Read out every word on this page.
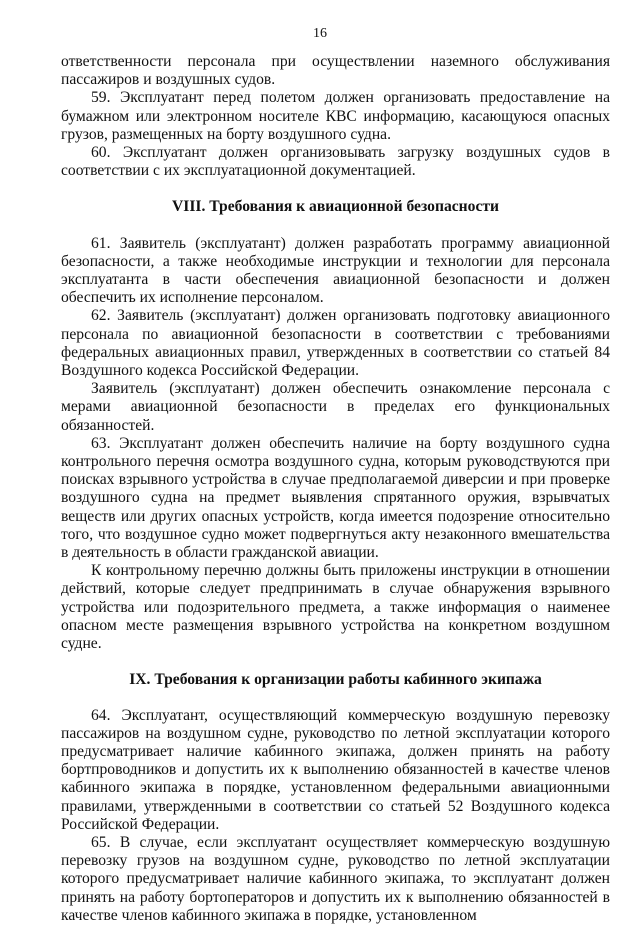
16

ответственности персонала при осуществлении наземного обслуживания пассажиров и воздушных судов.

59. Эксплуатант перед полетом должен организовать предоставление на бумажном или электронном носителе КВС информацию, касающуюся опасных грузов, размещенных на борту воздушного судна.

60. Эксплуатант должен организовывать загрузку воздушных судов в соответствии с их эксплуатационной документацией.

VIII. Требования к авиационной безопасности

61. Заявитель (эксплуатант) должен разработать программу авиационной безопасности, а также необходимые инструкции и технологии для персонала эксплуатанта в части обеспечения авиационной безопасности и должен обеспечить их исполнение персоналом.

62. Заявитель (эксплуатант) должен организовать подготовку авиационного персонала по авиационной безопасности в соответствии с требованиями федеральных авиационных правил, утвержденных в соответствии со статьей 84 Воздушного кодекса Российской Федерации.

Заявитель (эксплуатант) должен обеспечить ознакомление персонала с мерами авиационной безопасности в пределах его функциональных обязанностей.

63. Эксплуатант должен обеспечить наличие на борту воздушного судна контрольного перечня осмотра воздушного судна, которым руководствуются при поисках взрывного устройства в случае предполагаемой диверсии и при проверке воздушного судна на предмет выявления спрятанного оружия, взрывчатых веществ или других опасных устройств, когда имеется подозрение относительно того, что воздушное судно может подвергнуться акту незаконного вмешательства в деятельность в области гражданской авиации.

К контрольному перечню должны быть приложены инструкции в отношении действий, которые следует предпринимать в случае обнаружения взрывного устройства или подозрительного предмета, а также информация о наименее опасном месте размещения взрывного устройства на конкретном воздушном судне.

IX. Требования к организации работы кабинного экипажа

64. Эксплуатант, осуществляющий коммерческую воздушную перевозку пассажиров на воздушном судне, руководство по летной эксплуатации которого предусматривает наличие кабинного экипажа, должен принять на работу бортпроводников и допустить их к выполнению обязанностей в качестве членов кабинного экипажа в порядке, установленном федеральными авиационными правилами, утвержденными в соответствии со статьей 52 Воздушного кодекса Российской Федерации.

65. В случае, если эксплуатант осуществляет коммерческую воздушную перевозку грузов на воздушном судне, руководство по летной эксплуатации которого предусматривает наличие кабинного экипажа, то эксплуатант должен принять на работу бортоператоров и допустить их к выполнению обязанностей в качестве членов кабинного экипажа в порядке, установленном
